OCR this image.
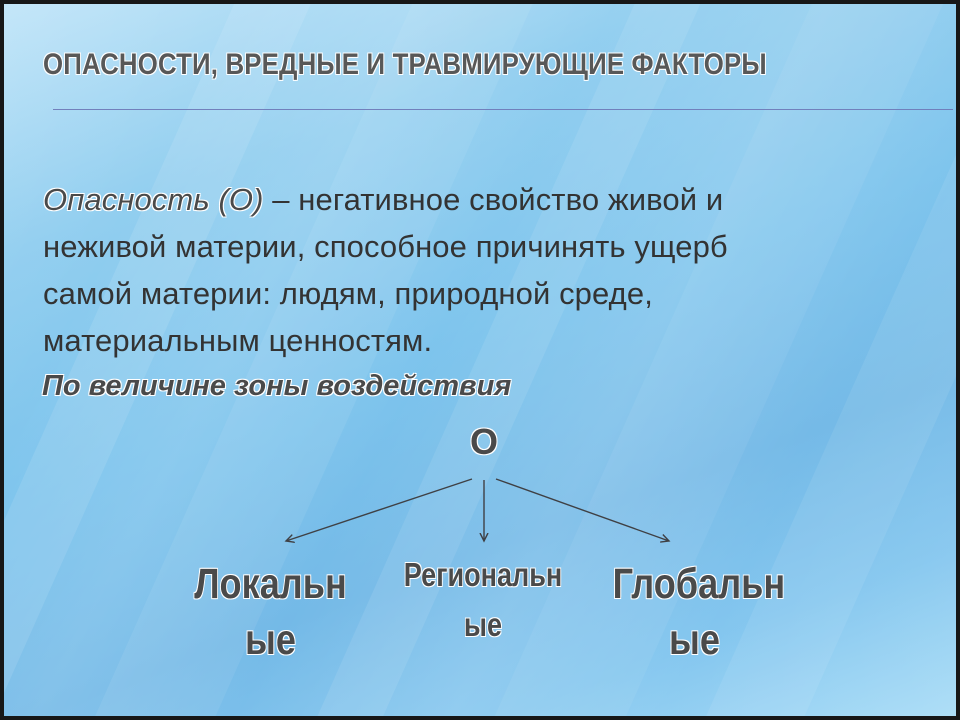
ОПАСНОСТИ, ВРЕДНЫЕ И ТРАВМИРУЮЩИЕ ФАКТОРЫ
Опасность (О) – негативное свойство живой и
неживой материи, способное причинять ущерб
самой материи: людям, природной среде,
материальным ценностям.
По величине зоны воздействия
О
Локальн
ые
Региональн
ые
Глобальн
ые
